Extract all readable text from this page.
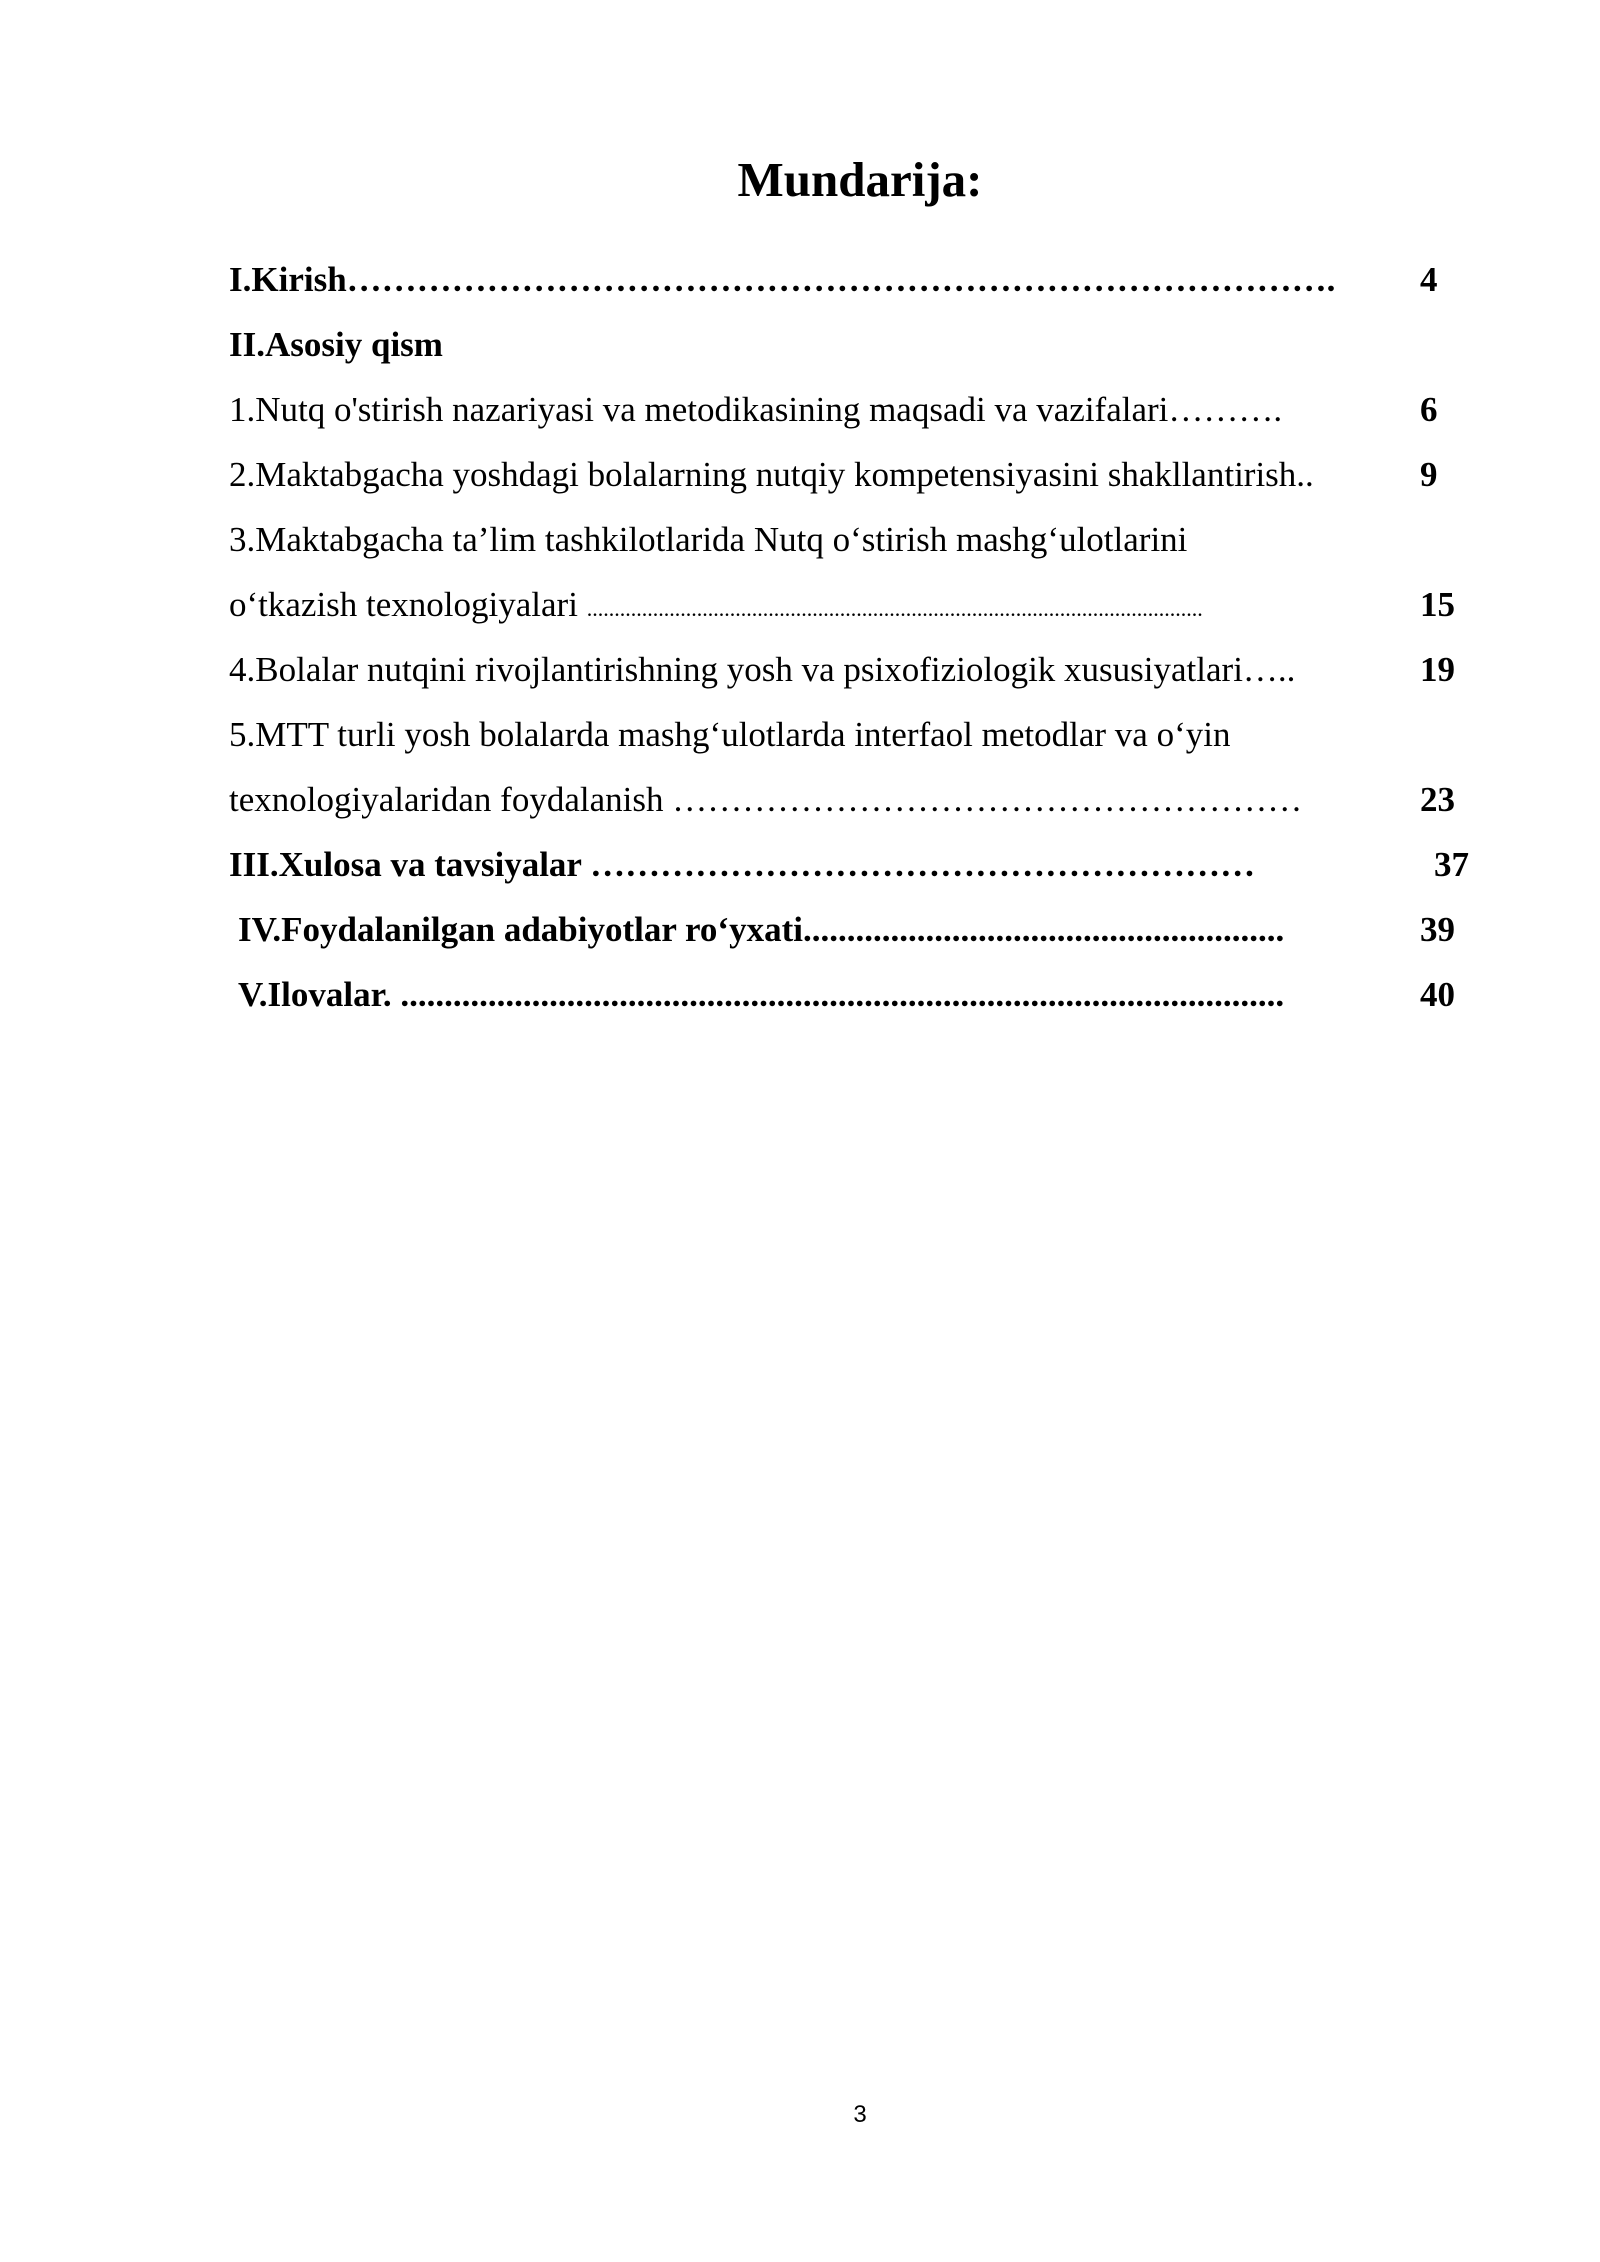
Mundarija:
I.Kirish…………………………………………………………………………. 4
II.Asosiy qism
1.Nutq o'stirish nazariyasi va metodikasining maqsadi va vazifalari……….	6
2.Maktabgacha yoshdagi bolalarning nutqiy kompetensiyasini shakllantirish..	9
3.Maktabgacha ta’lim tashkilotlarida Nutq o‘stirish mashg‘ulotlarini
o‘tkazish texnologiyalari ................................................................................................................	15
4.Bolalar nutqini rivojlantirishning yosh va psixofiziologik xususiyatlari…..	19
5.MTT turli yosh bolalarda mashg‘ulotlarda interfaol metodlar va o‘yin
texnologiyalaridan foydalanish ………………………………………………	23
III.Xulosa va tavsiyalar …………………………………………………	37
IV.Foydalanilgan adabiyotlar ro‘yxati.......................................................	39
V.Ilovalar. .....................................................................................................	40
3
